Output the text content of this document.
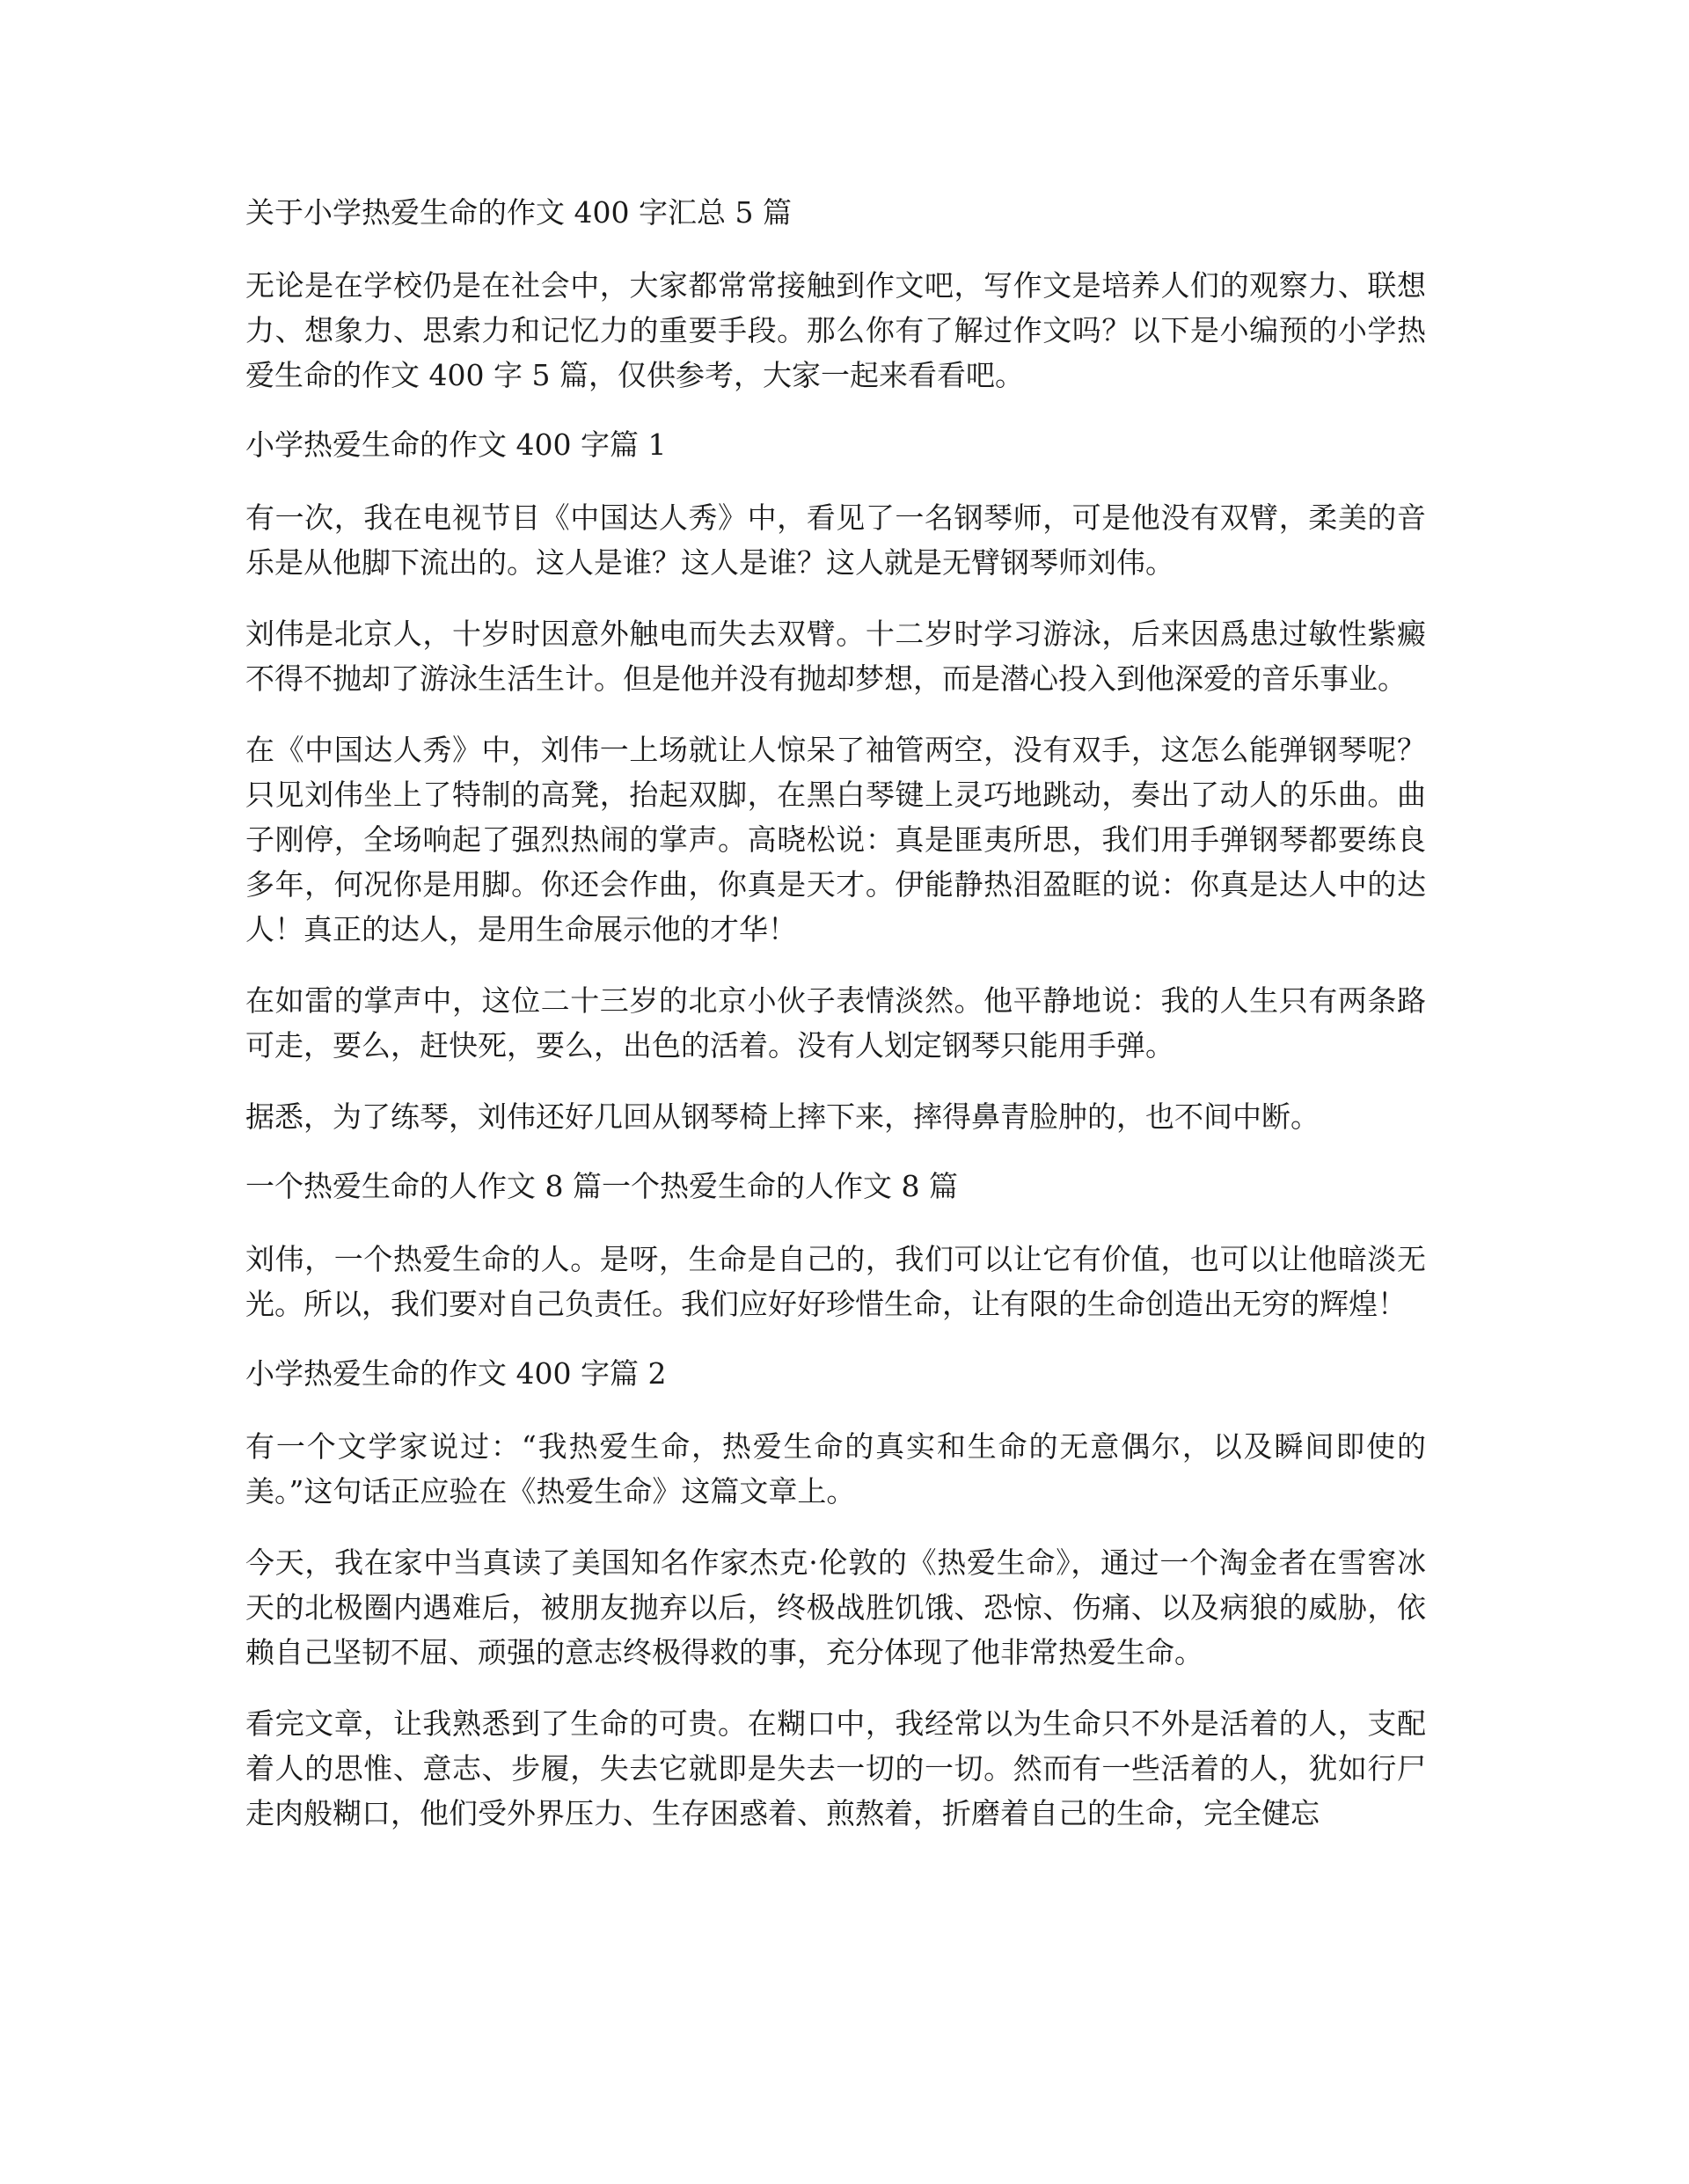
关于小学热爱生命的作文 400 字汇总 5 篇
无论是在学校仍是在社会中，大家都常常接触到作文吧，写作文是培养人们的观察力、联想力、想象力、思索力和记忆力的重要手段。那么你有了解过作文吗？以下是小编预的小学热爱生命的作文 400 字 5 篇，仅供参考，大家一起来看看吧。
小学热爱生命的作文 400 字篇 1
有一次，我在电视节目《中国达人秀》中，看见了一名钢琴师，可是他没有双臂，柔美的音乐是从他脚下流出的。这人是谁？这人是谁？这人就是无臂钢琴师刘伟。
刘伟是北京人，十岁时因意外触电而失去双臂。十二岁时学习游泳，后来因爲患过敏性紫癜不得不抛却了游泳生活生计。但是他并没有抛却梦想，而是潜心投入到他深爱的音乐事业。
在《中国达人秀》中，刘伟一上场就让人惊呆了袖管两空，没有双手，这怎么能弹钢琴呢？只见刘伟坐上了特制的高凳，抬起双脚，在黑白琴键上灵巧地跳动，奏出了动人的乐曲。曲子刚停，全场响起了强烈热闹的掌声。高晓松说：真是匪夷所思，我们用手弹钢琴都要练良多年，何况你是用脚。你还会作曲，你真是天才。伊能静热泪盈眶的说：你真是达人中的达人！真正的达人，是用生命展示他的才华！
在如雷的掌声中，这位二十三岁的北京小伙子表情淡然。他平静地说：我的人生只有两条路可走，要么，赶快死，要么，出色的活着。没有人划定钢琴只能用手弹。
据悉，为了练琴，刘伟还好几回从钢琴椅上摔下来，摔得鼻青脸肿的，也不间中断。
一个热爱生命的人作文 8 篇一个热爱生命的人作文 8 篇
刘伟，一个热爱生命的人。是呀，生命是自己的，我们可以让它有价值，也可以让他暗淡无光。所以，我们要对自己负责任。我们应好好珍惜生命，让有限的生命创造出无穷的辉煌！
小学热爱生命的作文 400 字篇 2
有一个文学家说过：“我热爱生命，热爱生命的真实和生命的无意偶尔，以及瞬间即使的美。”这句话正应验在《热爱生命》这篇文章上。
今天，我在家中当真读了美国知名作家杰克·伦敦的《热爱生命》，通过一个淘金者在雪窖冰天的北极圈内遇难后，被朋友抛弃以后，终极战胜饥饿、恐惊、伤痛、以及病狼的威胁，依赖自己坚韧不屈、顽强的意志终极得救的事，充分体现了他非常热爱生命。
看完文章，让我熟悉到了生命的可贵。在糊口中，我经常以为生命只不外是活着的人，支配着人的思惟、意志、步履，失去它就即是失去一切的一切。然而有一些活着的人，犹如行尸走肉般糊口，他们受外界压力、生存困惑着、煎熬着，折磨着自己的生命，完全健忘
